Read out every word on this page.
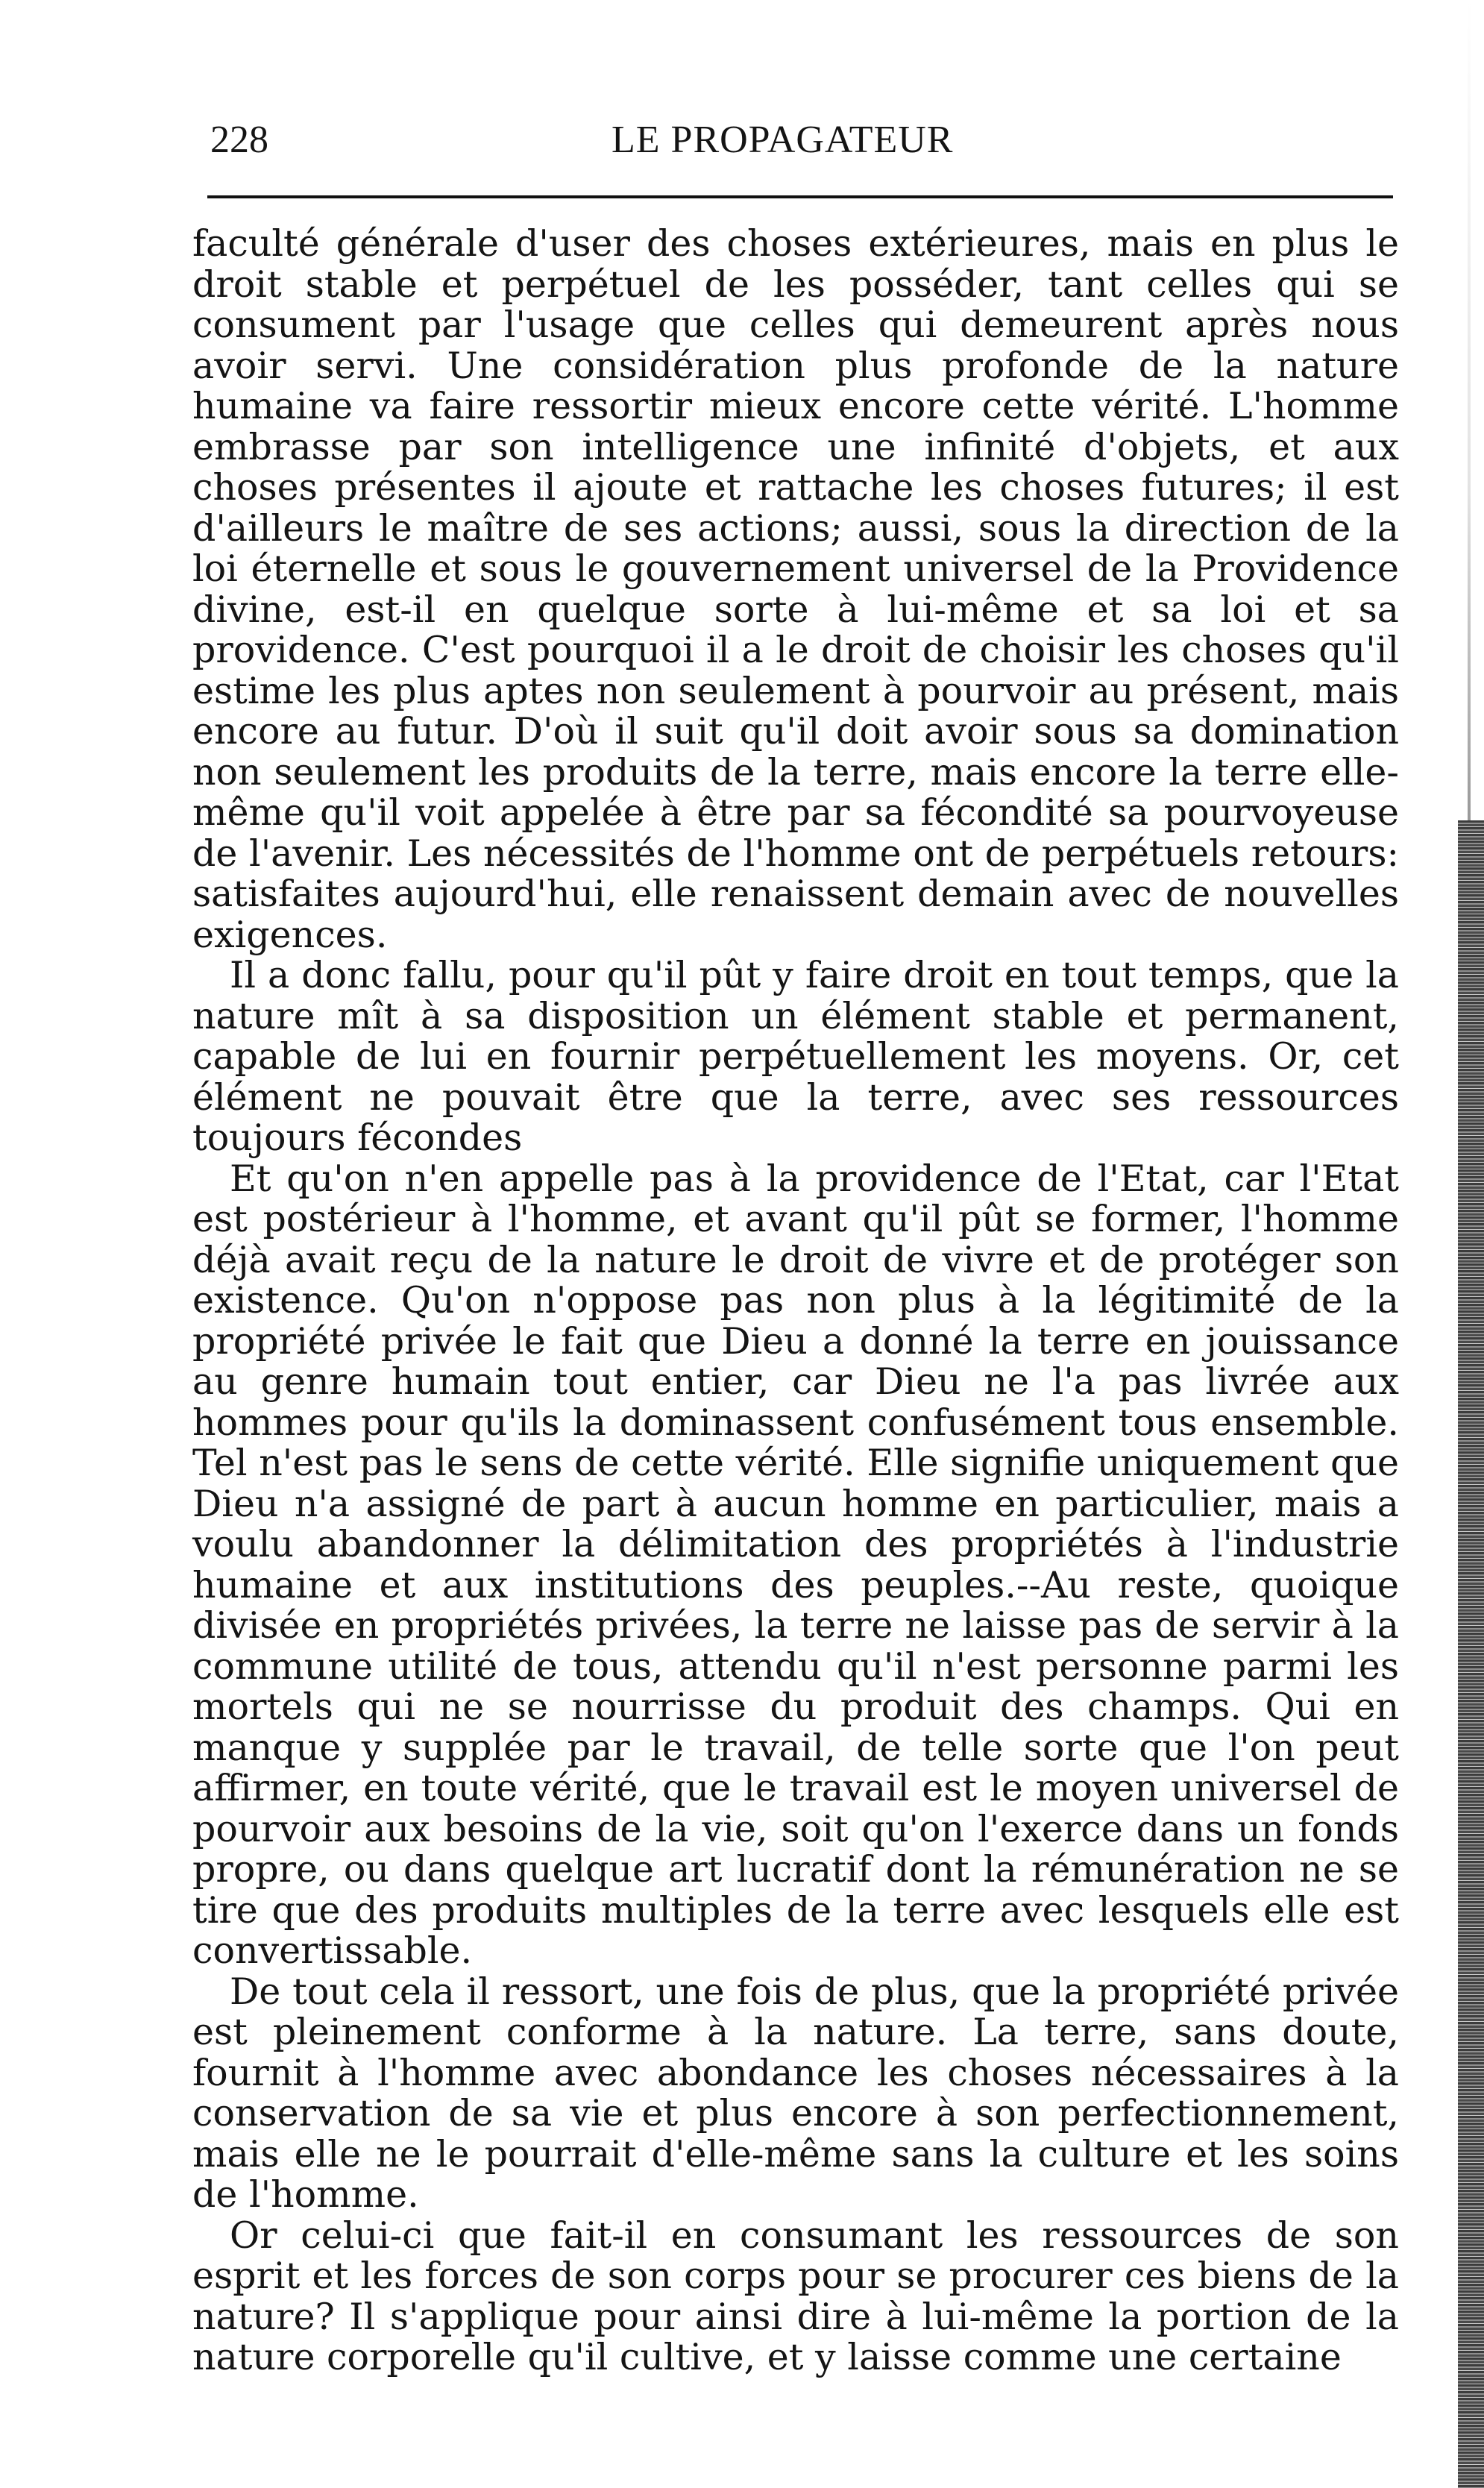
228	LE PROPAGATEUR

faculté générale d'user des choses extérieures, mais en plus le droit stable et perpétuel de les posséder, tant celles qui se consument par l'usage que celles qui demeurent après nous avoir servi. Une considération plus profonde de la nature humaine va faire ressortir mieux encore cette vérité. L'homme embrasse par son intelligence une infinité d'objets, et aux choses présentes il ajoute et rattache les choses futures; il est d'ailleurs le maître de ses actions; aussi, sous la direction de la loi éternelle et sous le gouvernement universel de la Providence divine, est-il en quelque sorte à lui-même et sa loi et sa providence. C'est pourquoi il a le droit de choisir les choses qu'il estime les plus aptes non seulement à pourvoir au présent, mais encore au futur. D'où il suit qu'il doit avoir sous sa domination non seulement les produits de la terre, mais encore la terre elle-même qu'il voit appelée à être par sa fécondité sa pourvoyeuse de l'avenir. Les nécessités de l'homme ont de perpétuels retours: satisfaites aujourd'hui, elle renaissent demain avec de nouvelles exigences.

Il a donc fallu, pour qu'il pût y faire droit en tout temps, que la nature mît à sa disposition un élément stable et permanent, capable de lui en fournir perpétuellement les moyens. Or, cet élément ne pouvait être que la terre, avec ses ressources toujours fécondes

Et qu'on n'en appelle pas à la providence de l'Etat, car l'Etat est postérieur à l'homme, et avant qu'il pût se former, l'homme déjà avait reçu de la nature le droit de vivre et de protéger son existence. Qu'on n'oppose pas non plus à la légitimité de la propriété privée le fait que Dieu a donné la terre en jouissance au genre humain tout entier, car Dieu ne l'a pas livrée aux hommes pour qu'ils la dominassent confusément tous ensemble. Tel n'est pas le sens de cette vérité. Elle signifie uniquement que Dieu n'a assigné de part à aucun homme en particulier, mais a voulu abandonner la délimitation des propriétés à l'industrie humaine et aux institutions des peuples.--Au reste, quoique divisée en propriétés privées, la terre ne laisse pas de servir à la commune utilité de tous, attendu qu'il n'est personne parmi les mortels qui ne se nourrisse du produit des champs. Qui en manque y supplée par le travail, de telle sorte que l'on peut affirmer, en toute vérité, que le travail est le moyen universel de pourvoir aux besoins de la vie, soit qu'on l'exerce dans un fonds propre, ou dans quelque art lucratif dont la rémunération ne se tire que des produits multiples de la terre avec lesquels elle est convertissable.

De tout cela il ressort, une fois de plus, que la propriété privée est pleinement conforme à la nature. La terre, sans doute, fournit à l'homme avec abondance les choses nécessaires à la conservation de sa vie et plus encore à son perfectionnement, mais elle ne le pourrait d'elle-même sans la culture et les soins de l'homme.

Or celui-ci que fait-il en consumant les ressources de son esprit et les forces de son corps pour se procurer ces biens de la nature? Il s'applique pour ainsi dire à lui-même la portion de la nature corporelle qu'il cultive, et y laisse comme une certaine
